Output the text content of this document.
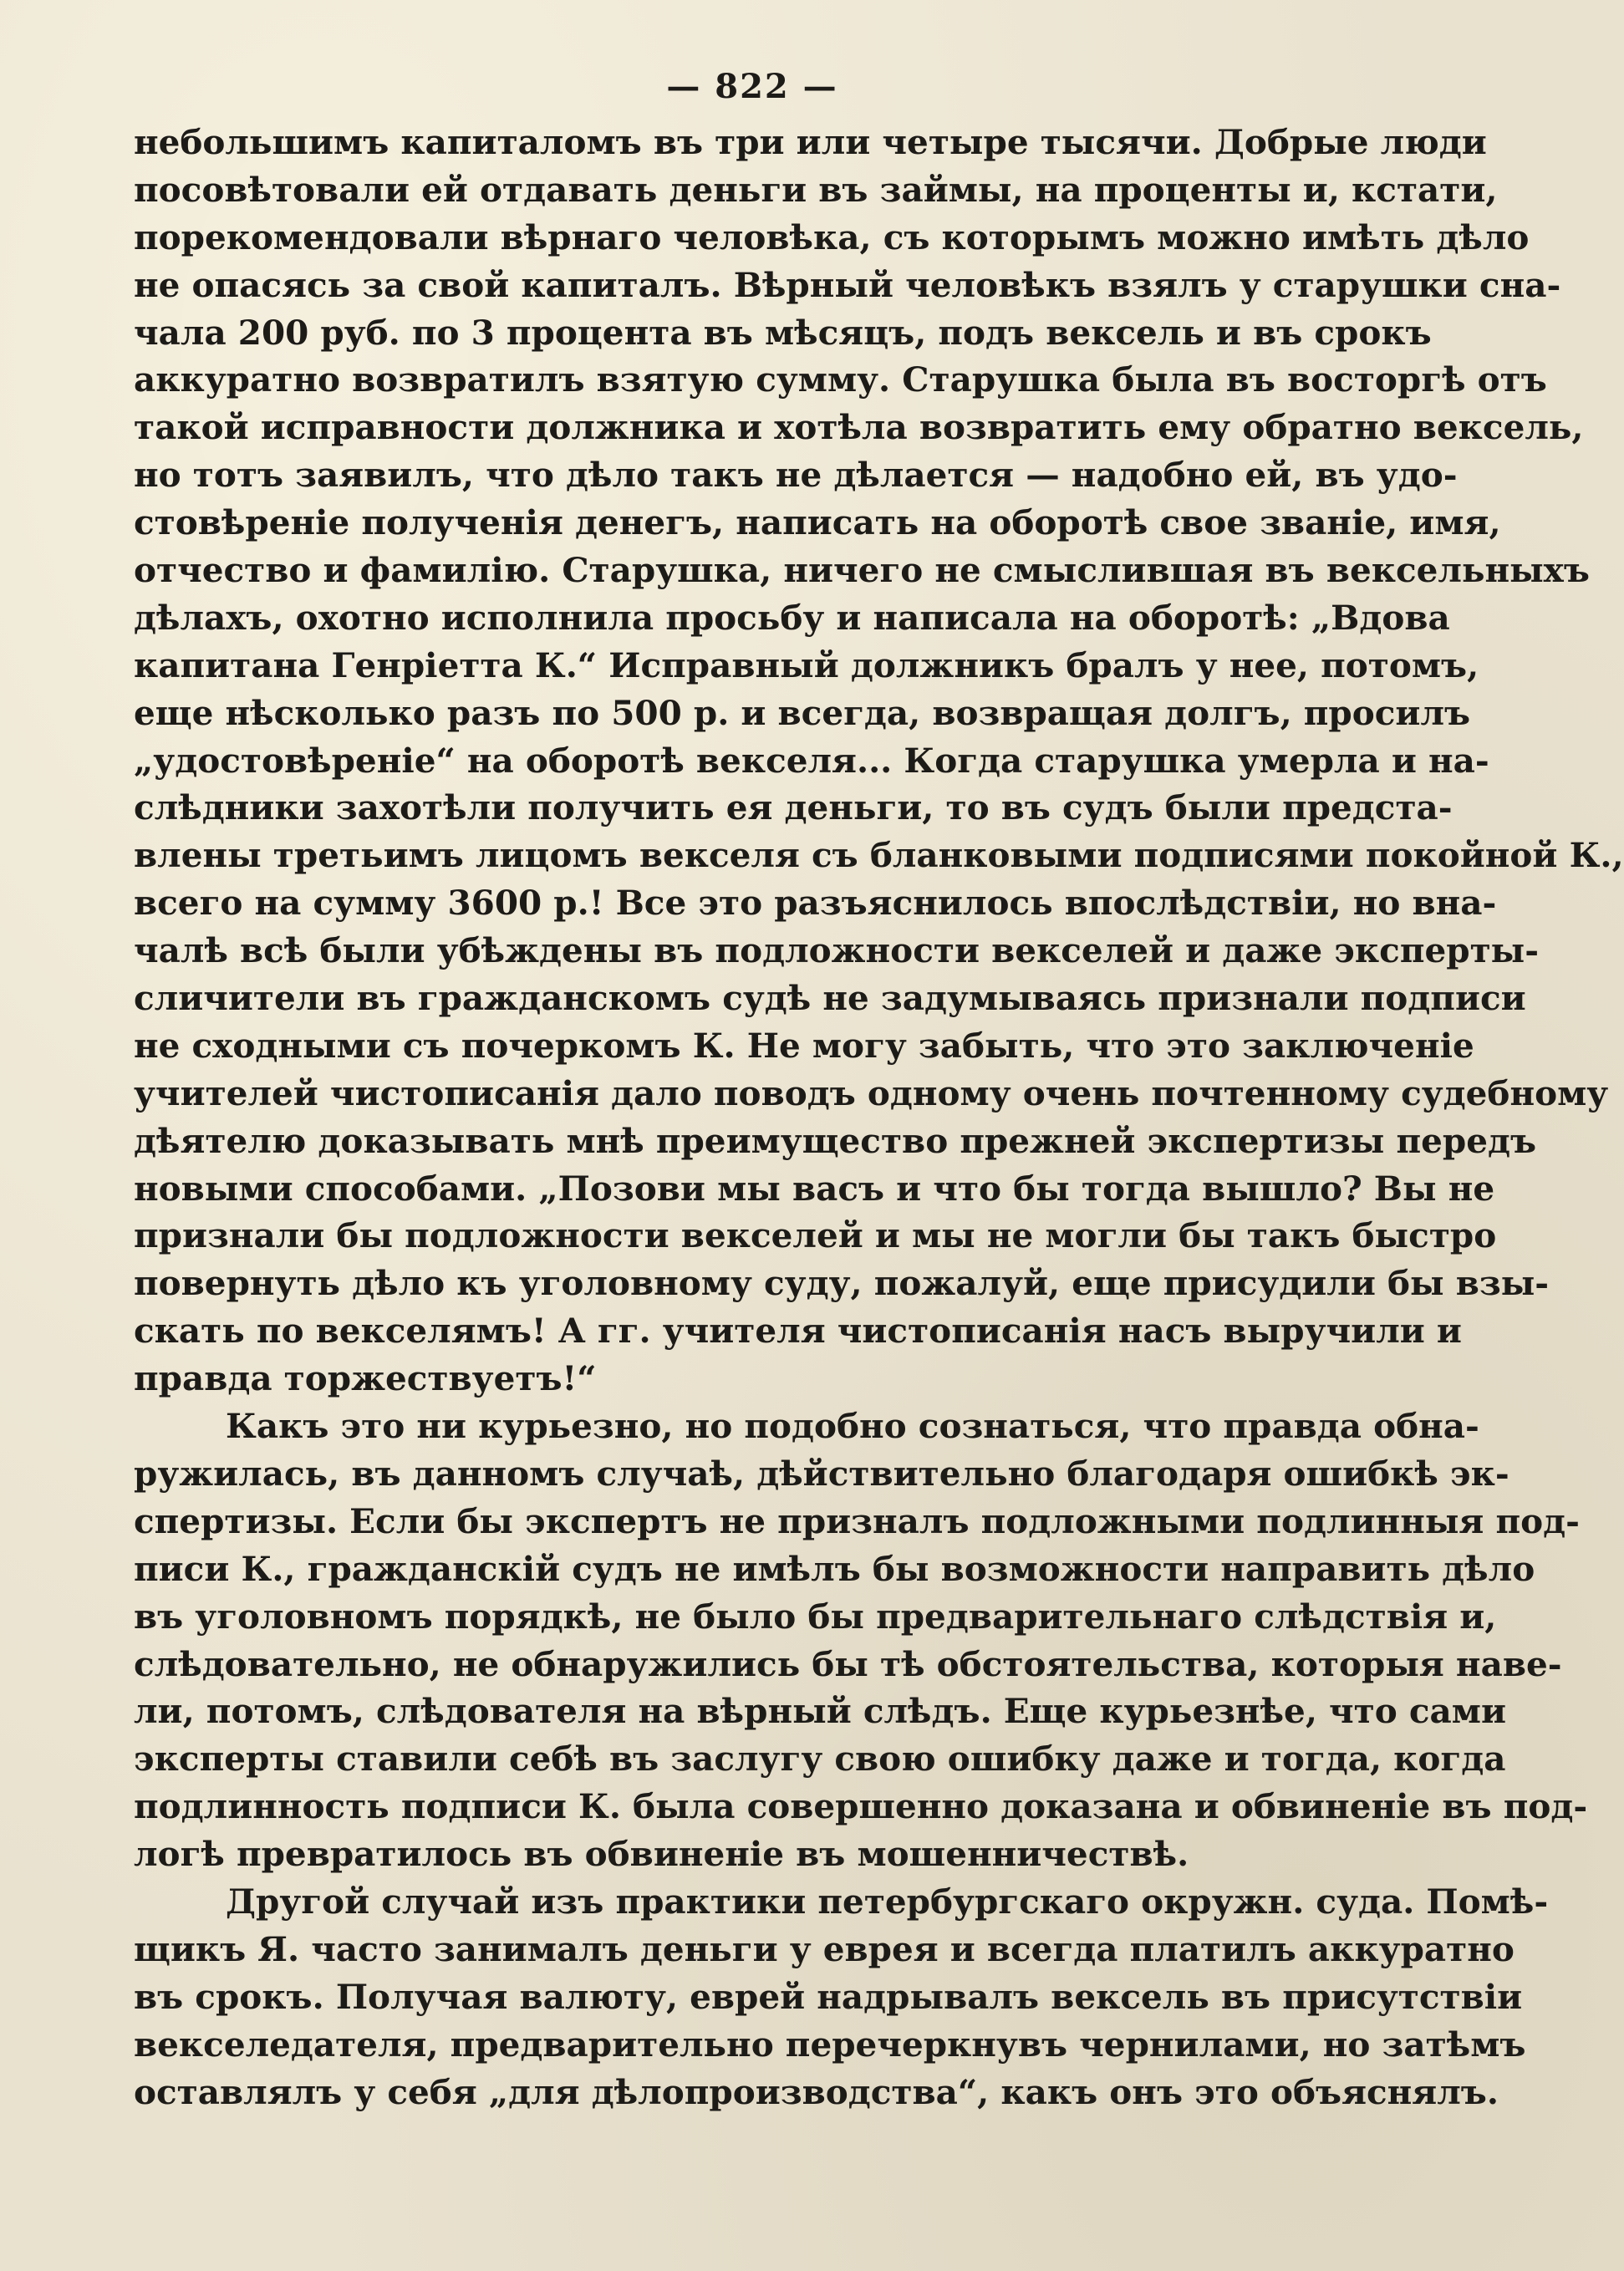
— 822 —
небольшимъ капиталомъ въ три или четыре тысячи. Добрые люди
посовѣтовали ей отдавать деньги въ займы, на проценты и, кстати,
порекомендовали вѣрнаго человѣка, съ которымъ можно имѣть дѣло
не опасясь за свой капиталъ. Вѣрный человѣкъ взялъ у старушки сна-
чала 200 руб. по 3 процента въ мѣсяцъ, подъ вексель и въ срокъ
аккуратно возвратилъ взятую сумму. Старушка была въ восторгѣ отъ
такой исправности должника и хотѣла возвратить ему обратно вексель,
но тотъ заявилъ, что дѣло такъ не дѣлается — надобно ей, въ удо-
стовѣреніе полученія денегъ, написать на оборотѣ свое званіе, имя,
отчество и фамилію. Старушка, ничего не смыслившая въ вексельныхъ
дѣлахъ, охотно исполнила просьбу и написала на оборотѣ: „Вдова
капитана Генріетта К.“ Исправный должникъ бралъ у нее, потомъ,
еще нѣсколько разъ по 500 р. и всегда, возвращая долгъ, просилъ
„удостовѣреніе“ на оборотѣ векселя... Когда старушка умерла и на-
слѣдники захотѣли получить ея деньги, то въ судъ были предста-
влены третьимъ лицомъ векселя съ бланковыми подписями покойной К.,
всего на сумму 3600 р.! Все это разъяснилось впослѣдствіи, но вна-
чалѣ всѣ были убѣждены въ подложности векселей и даже эксперты-
сличители въ гражданскомъ судѣ не задумываясь признали подписи
не сходными съ почеркомъ К. Не могу забыть, что это заключеніе
учителей чистописанія дало поводъ одному очень почтенному судебному
дѣятелю доказывать мнѣ преимущество прежней экспертизы передъ
новыми способами. „Позови мы васъ и что бы тогда вышло? Вы не
признали бы подложности векселей и мы не могли бы такъ быстро
повернуть дѣло къ уголовному суду, пожалуй, еще присудили бы взы-
скать по векселямъ! А гг. учителя чистописанія насъ выручили и
правда торжествуетъ!“
Какъ это ни курьезно, но подобно сознаться, что правда обна-
ружилась, въ данномъ случаѣ, дѣйствительно благодаря ошибкѣ эк-
спертизы. Если бы экспертъ не призналъ подложными подлинныя под-
писи К., гражданскій судъ не имѣлъ бы возможности направить дѣло
въ уголовномъ порядкѣ, не было бы предварительнаго слѣдствія и,
слѣдовательно, не обнаружились бы тѣ обстоятельства, которыя наве-
ли, потомъ, слѣдователя на вѣрный слѣдъ. Еще курьезнѣе, что сами
эксперты ставили себѣ въ заслугу свою ошибку даже и тогда, когда
подлинность подписи К. была совершенно доказана и обвиненіе въ под-
логѣ превратилось въ обвиненіе въ мошенничествѣ.
Другой случай изъ практики петербургскаго окружн. суда. Помѣ-
щикъ Я. часто занималъ деньги у еврея и всегда платилъ аккуратно
въ срокъ. Получая валюту, еврей надрывалъ вексель въ присутствіи
векселедателя, предварительно перечеркнувъ чернилами, но затѣмъ
оставлялъ у себя „для дѣлопроизводства“, какъ онъ это объяснялъ.
